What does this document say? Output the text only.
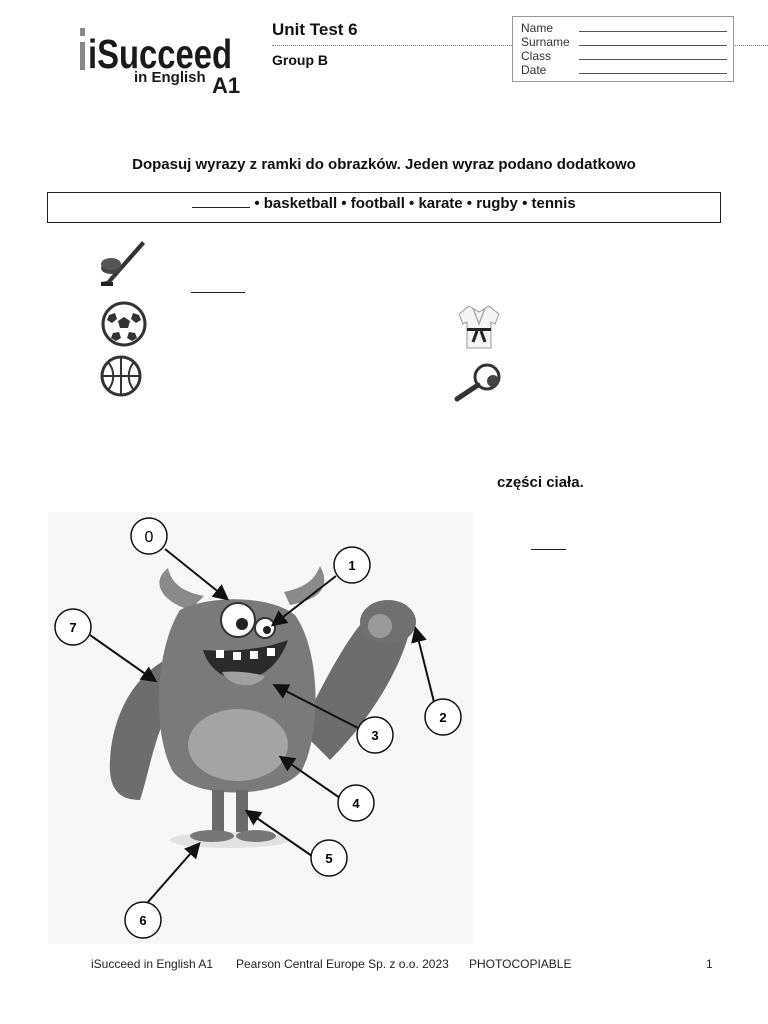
iSucceed
in English A1
Unit Test 6
Group B
Name
Surname
Class
Date
Dopasuj wyrazy z ramki do obrazków. Jeden wyraz podano dodatkowo
• basketball • football • karate • rugby • tennis
części ciała.
0
1
2
3
4
5
6
7
iSucceed in English A1 Pearson Central Europe Sp. z o.o. 2023 PHOTOCOPIABLE	1
